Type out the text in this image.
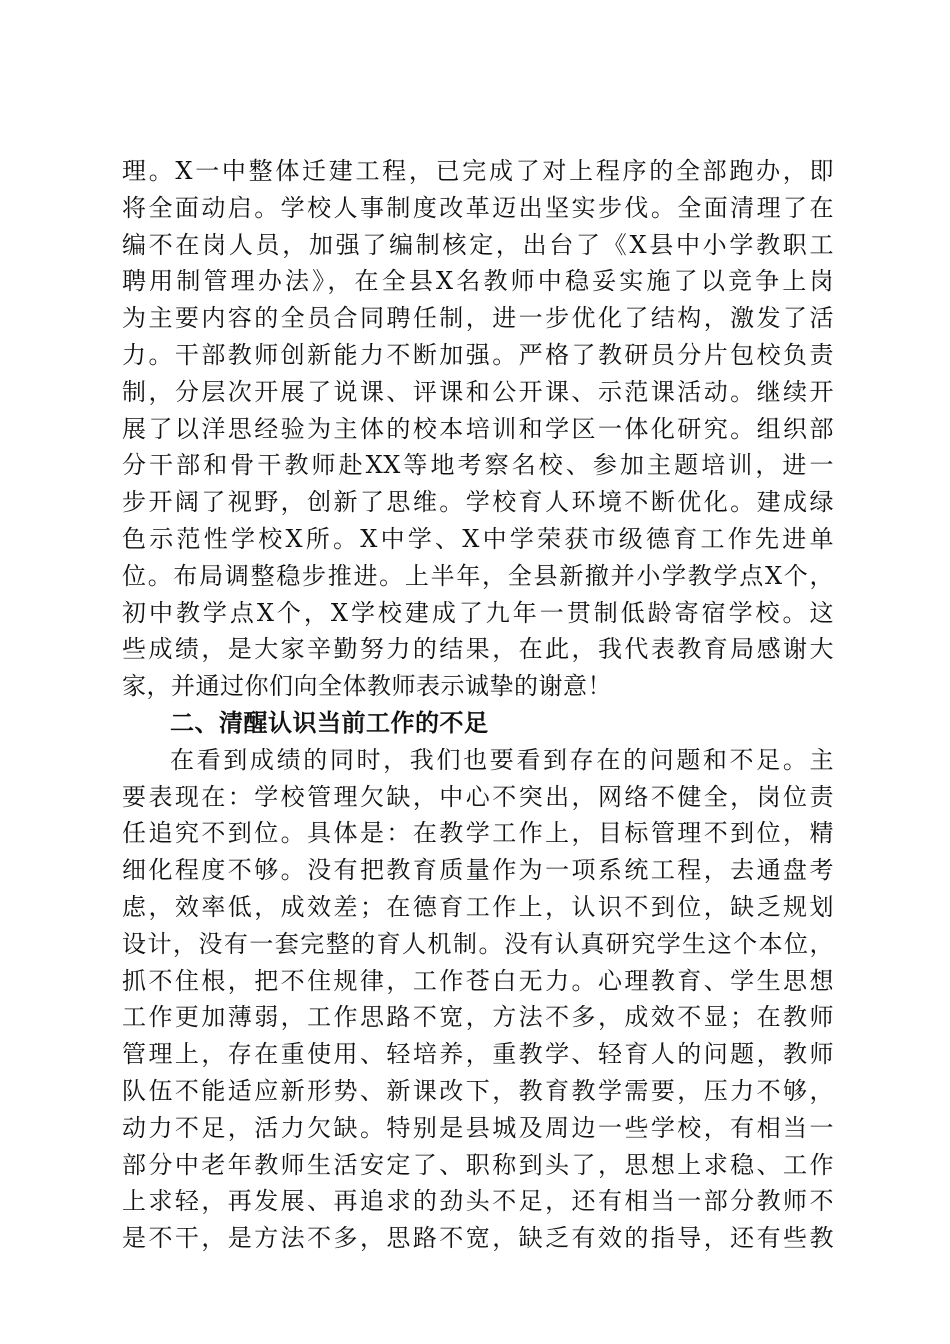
理。X一中整体迁建工程，已完成了对上程序的全部跑办，即
将全面动启。学校人事制度改革迈出坚实步伐。全面清理了在
编不在岗人员，加强了编制核定，出台了《X县中小学教职工
聘用制管理办法》，在全县X名教师中稳妥实施了以竞争上岗
为主要内容的全员合同聘任制，进一步优化了结构，激发了活
力。干部教师创新能力不断加强。严格了教研员分片包校负责
制，分层次开展了说课、评课和公开课、示范课活动。继续开
展了以洋思经验为主体的校本培训和学区一体化研究。组织部
分干部和骨干教师赴XX等地考察名校、参加主题培训，进一
步开阔了视野，创新了思维。学校育人环境不断优化。建成绿
色示范性学校X所。X中学、X中学荣获市级德育工作先进单
位。布局调整稳步推进。上半年，全县新撤并小学教学点X个，
初中教学点X个，X学校建成了九年一贯制低龄寄宿学校。这
些成绩，是大家辛勤努力的结果，在此，我代表教育局感谢大
家，并通过你们向全体教师表示诚挚的谢意！
二、清醒认识当前工作的不足
在看到成绩的同时，我们也要看到存在的问题和不足。主
要表现在：学校管理欠缺，中心不突出，网络不健全，岗位责
任追究不到位。具体是：在教学工作上，目标管理不到位，精
细化程度不够。没有把教育质量作为一项系统工程，去通盘考
虑，效率低，成效差；在德育工作上，认识不到位，缺乏规划
设计，没有一套完整的育人机制。没有认真研究学生这个本位，
抓不住根，把不住规律，工作苍白无力。心理教育、学生思想
工作更加薄弱，工作思路不宽，方法不多，成效不显；在教师
管理上，存在重使用、轻培养，重教学、轻育人的问题，教师
队伍不能适应新形势、新课改下，教育教学需要，压力不够，
动力不足，活力欠缺。特别是县城及周边一些学校，有相当一
部分中老年教师生活安定了、职称到头了，思想上求稳、工作
上求轻，再发展、再追求的劲头不足，还有相当一部分教师不
是不干，是方法不多，思路不宽，缺乏有效的指导，还有些教
